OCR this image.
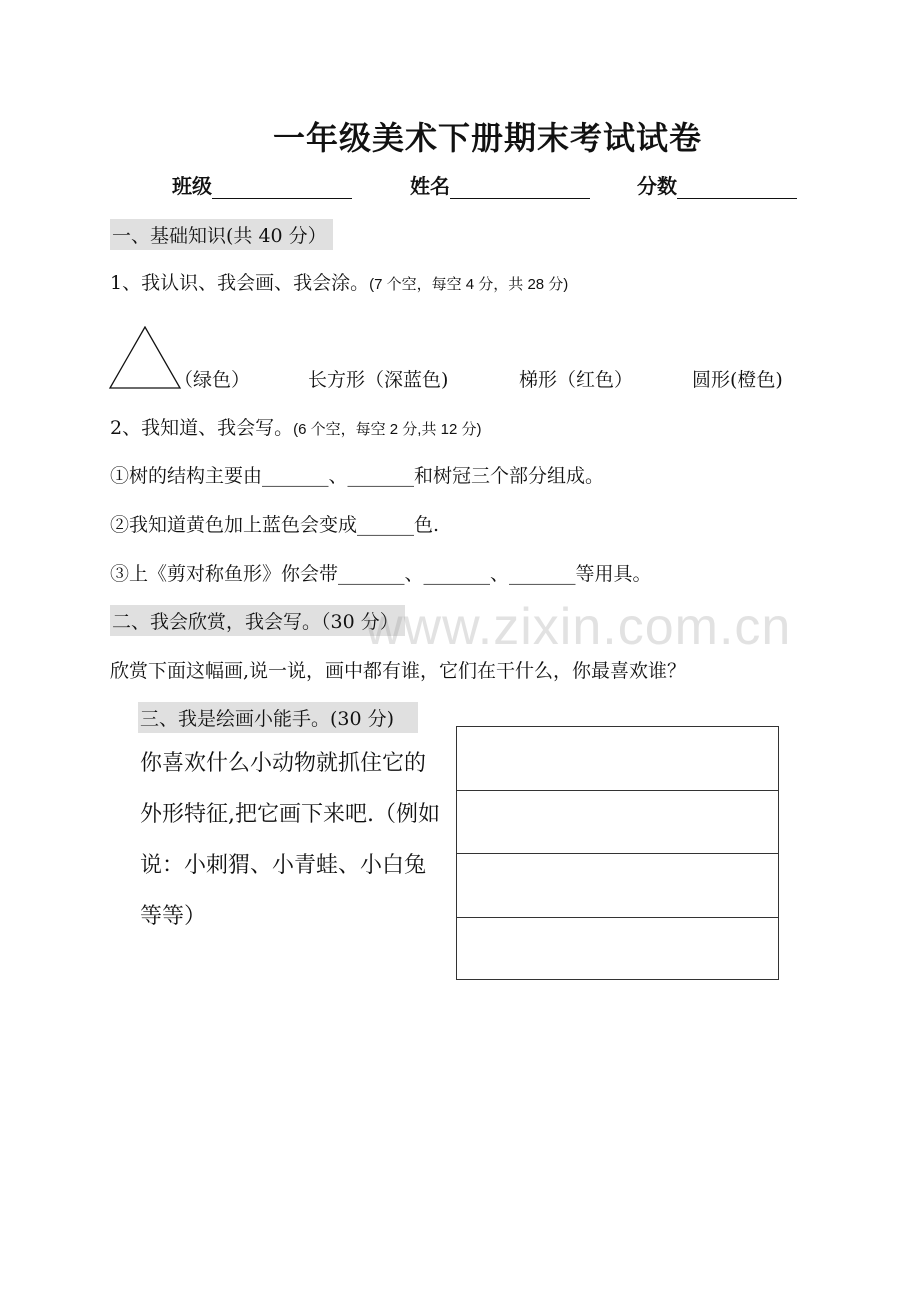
一年级美术下册期末考试试卷
班级	姓名	分数
一、基础知识(共 40 分）
1、我认识、我会画、我会涂。(7 个空，每空 4 分，共 28 分)
（绿色）	长方形（深蓝色)	梯形（红色）	圆形(橙色)
2、我知道、我会写。(6 个空，每空 2 分,共 12 分)
①树的结构主要由_______、_______和树冠三个部分组成。
②我知道黄色加上蓝色会变成______色.
③上《剪对称鱼形》你会带_______、_______、_______等用具。
二、我会欣赏，我会写。（30 分）
www.zixin.com.cn
欣赏下面这幅画,说一说，画中都有谁，它们在干什么，你最喜欢谁？
三、我是绘画小能手。(30 分)
你喜欢什么小动物就抓住它的外形特征,把它画下来吧.（例如说：小刺猬、小青蛙、小白兔等等）
